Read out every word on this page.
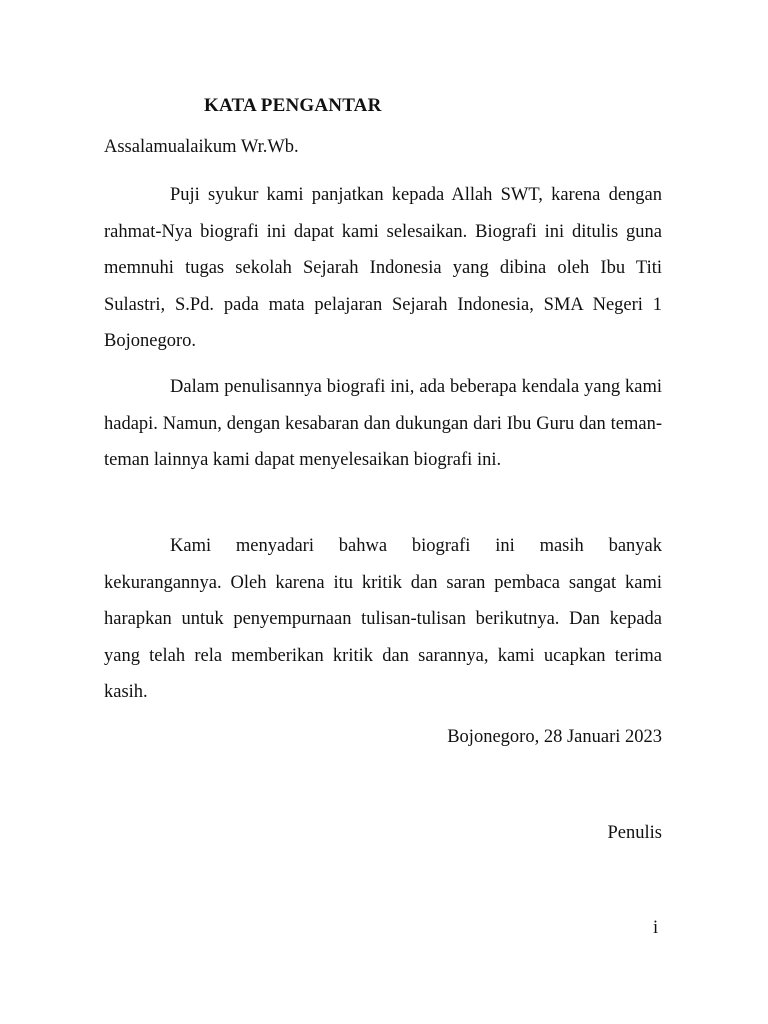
KATA PENGANTAR

Assalamualaikum Wr.Wb.

Puji syukur kami panjatkan kepada Allah SWT, karena dengan rahmat-Nya biografi ini dapat kami selesaikan. Biografi ini ditulis guna memnuhi tugas sekolah Sejarah Indonesia yang dibina oleh Ibu Titi Sulastri, S.Pd. pada mata pelajaran Sejarah Indonesia, SMA Negeri 1 Bojonegoro.

Dalam penulisannya biografi ini, ada beberapa kendala yang kami hadapi. Namun, dengan kesabaran dan dukungan dari Ibu Guru dan teman-teman lainnya kami dapat menyelesaikan biografi ini.

Kami menyadari bahwa biografi ini masih banyak kekurangannya. Oleh karena itu kritik dan saran pembaca sangat kami harapkan untuk penyempurnaan tulisan-tulisan berikutnya. Dan kepada yang telah rela memberikan kritik dan sarannya, kami ucapkan terima kasih.

Bojonegoro, 28 Januari 2023

Penulis

i
